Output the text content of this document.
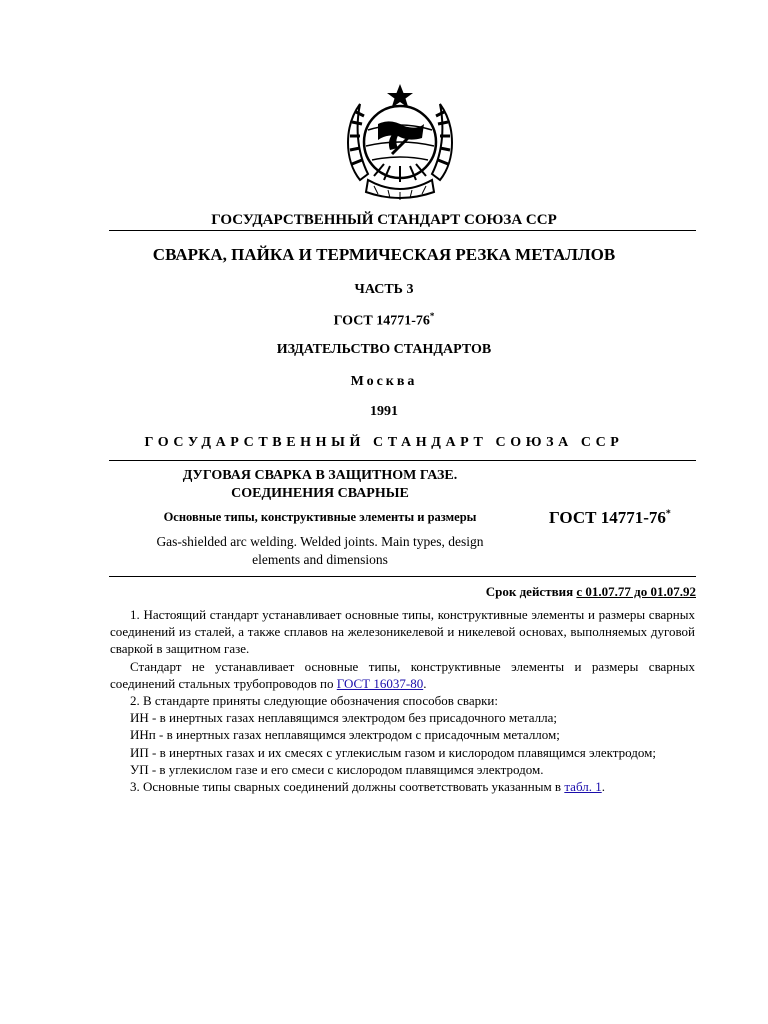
ГОСУДАРСТВЕННЫЙ СТАНДАРТ СОЮЗА ССР
СВАРКА, ПАЙКА И ТЕРМИЧЕСКАЯ РЕЗКА МЕТАЛЛОВ
ЧАСТЬ 3
ГОСТ 14771-76*
ИЗДАТЕЛЬСТВО СТАНДАРТОВ
Москва
1991
ГОСУДАРСТВЕННЫЙ СТАНДАРТ СОЮЗА ССР
ДУГОВАЯ СВАРКА В ЗАЩИТНОМ ГАЗЕ.
СОЕДИНЕНИЯ СВАРНЫЕ
Основные типы, конструктивные элементы и размеры
Gas-shielded arc welding. Welded joints. Main types, design
elements and dimensions
ГОСТ 14771-76*
Срок действия с 01.07.77 до 01.07.92

1. Настоящий стандарт устанавливает основные типы, конструктивные элементы и размеры сварных соединений из сталей, а также сплавов на железоникелевой и никелевой основах, выполняемых дуговой сваркой в защитном газе.

Стандарт не устанавливает основные типы, конструктивные элементы и размеры сварных соединений стальных трубопроводов по ГОСТ 16037-80.

2. В стандарте приняты следующие обозначения способов сварки:

ИН - в инертных газах неплавящимся электродом без присадочного металла;

ИНп - в инертных газах неплавящимся электродом с присадочным металлом;

ИП - в инертных газах и их смесях с углекислым газом и кислородом плавящимся электродом;

УП - в углекислом газе и его смеси с кислородом плавящимся электродом.

3. Основные типы сварных соединений должны соответствовать указанным в табл. 1.
